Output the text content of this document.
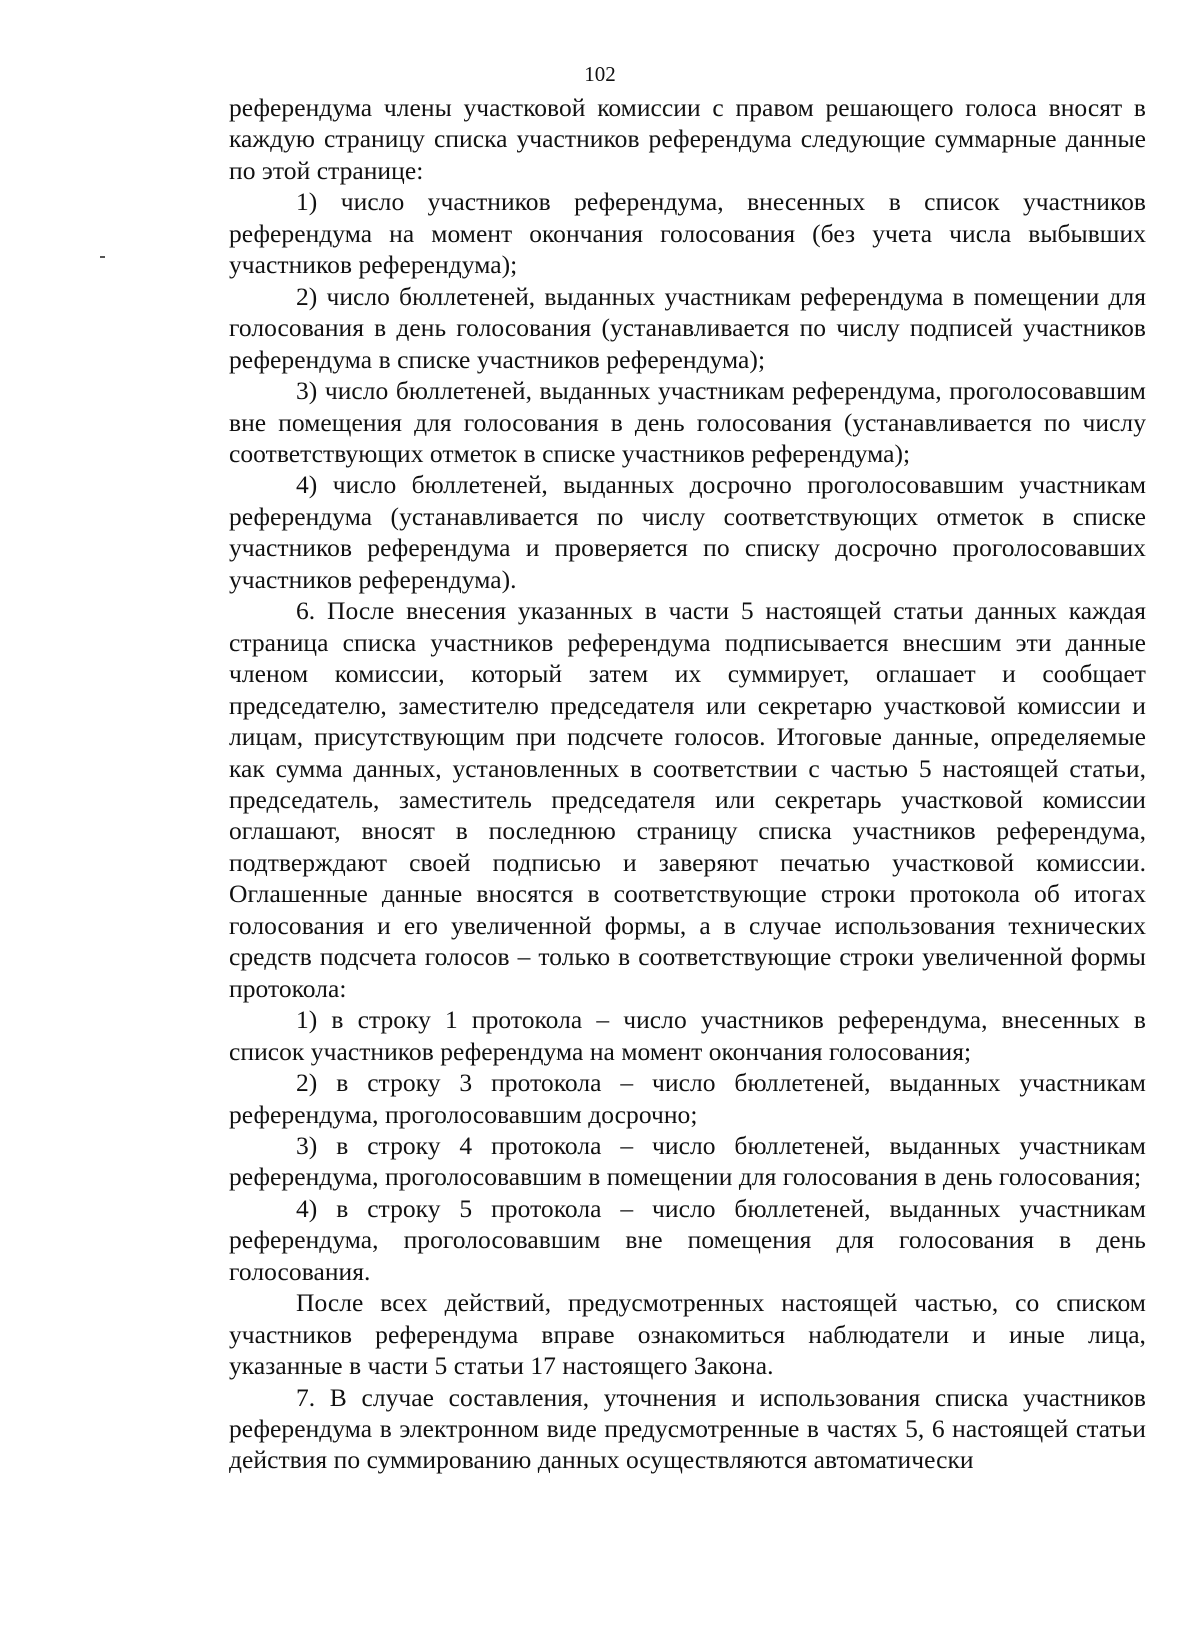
102

референдума члены участковой комиссии с правом решающего голоса вносят в каждую страницу списка участников референдума следующие суммарные данные по этой странице:

1) число участников референдума, внесенных в список участников референдума на момент окончания голосования (без учета числа выбывших участников референдума);

2) число бюллетеней, выданных участникам референдума в помещении для голосования в день голосования (устанавливается по числу подписей участников референдума в списке участников референдума);

3) число бюллетеней, выданных участникам референдума, проголосовавшим вне помещения для голосования в день голосования (устанавливается по числу соответствующих отметок в списке участников референдума);

4) число бюллетеней, выданных досрочно проголосовавшим участникам референдума (устанавливается по числу соответствующих отметок в списке участников референдума и проверяется по списку досрочно проголосовавших участников референдума).

6. После внесения указанных в части 5 настоящей статьи данных каждая страница списка участников референдума подписывается внесшим эти данные членом комиссии, который затем их суммирует, оглашает и сообщает председателю, заместителю председателя или секретарю участковой комиссии и лицам, присутствующим при подсчете голосов. Итоговые данные, определяемые как сумма данных, установленных в соответствии с частью 5 настоящей статьи, председатель, заместитель председателя или секретарь участковой комиссии оглашают, вносят в последнюю страницу списка участников референдума, подтверждают своей подписью и заверяют печатью участковой комиссии. Оглашенные данные вносятся в соответствующие строки протокола об итогах голосования и его увеличенной формы, а в случае использования технических средств подсчета голосов – только в соответствующие строки увеличенной формы протокола:

1) в строку 1 протокола – число участников референдума, внесенных в список участников референдума на момент окончания голосования;

2) в строку 3 протокола – число бюллетеней, выданных участникам референдума, проголосовавшим досрочно;

3) в строку 4 протокола – число бюллетеней, выданных участникам референдума, проголосовавшим в помещении для голосования в день голосования;

4) в строку 5 протокола – число бюллетеней, выданных участникам референдума, проголосовавшим вне помещения для голосования в день голосования.

После всех действий, предусмотренных настоящей частью, со списком участников референдума вправе ознакомиться наблюдатели и иные лица, указанные в части 5 статьи 17 настоящего Закона.

7. В случае составления, уточнения и использования списка участников референдума в электронном виде предусмотренные в частях 5, 6 настоящей статьи действия по суммированию данных осуществляются автоматически
